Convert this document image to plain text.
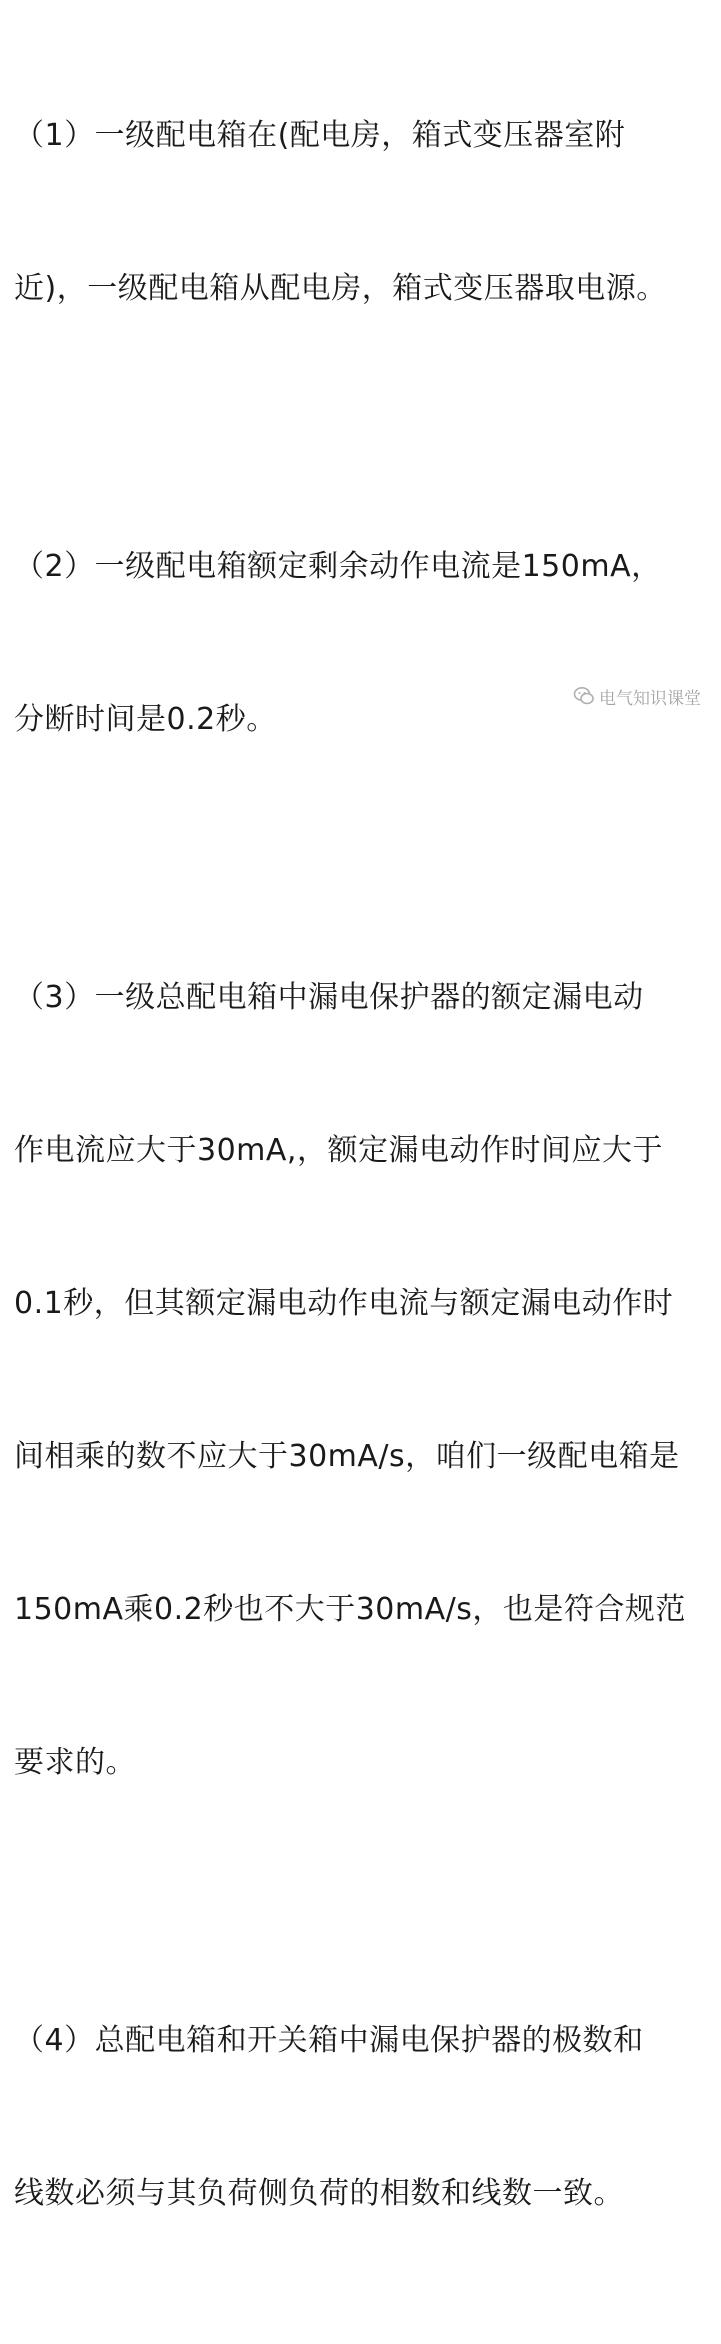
（1）一级配电箱在(配电房，箱式变压器室附

近)，一级配电箱从配电房，箱式变压器取电源。

（2）一级配电箱额定剩余动作电流是150mA，

分断时间是0.2秒。

（3）一级总配电箱中漏电保护器的额定漏电动

作电流应大于30mA,，额定漏电动作时间应大于

0.1秒，但其额定漏电动作电流与额定漏电动作时

间相乘的数不应大于30mA/s，咱们一级配电箱是

150mA乘0.2秒也不大于30mA/s，也是符合规范

要求的。

（4）总配电箱和开关箱中漏电保护器的极数和

线数必须与其负荷侧负荷的相数和线数一致。

电气知识课堂
